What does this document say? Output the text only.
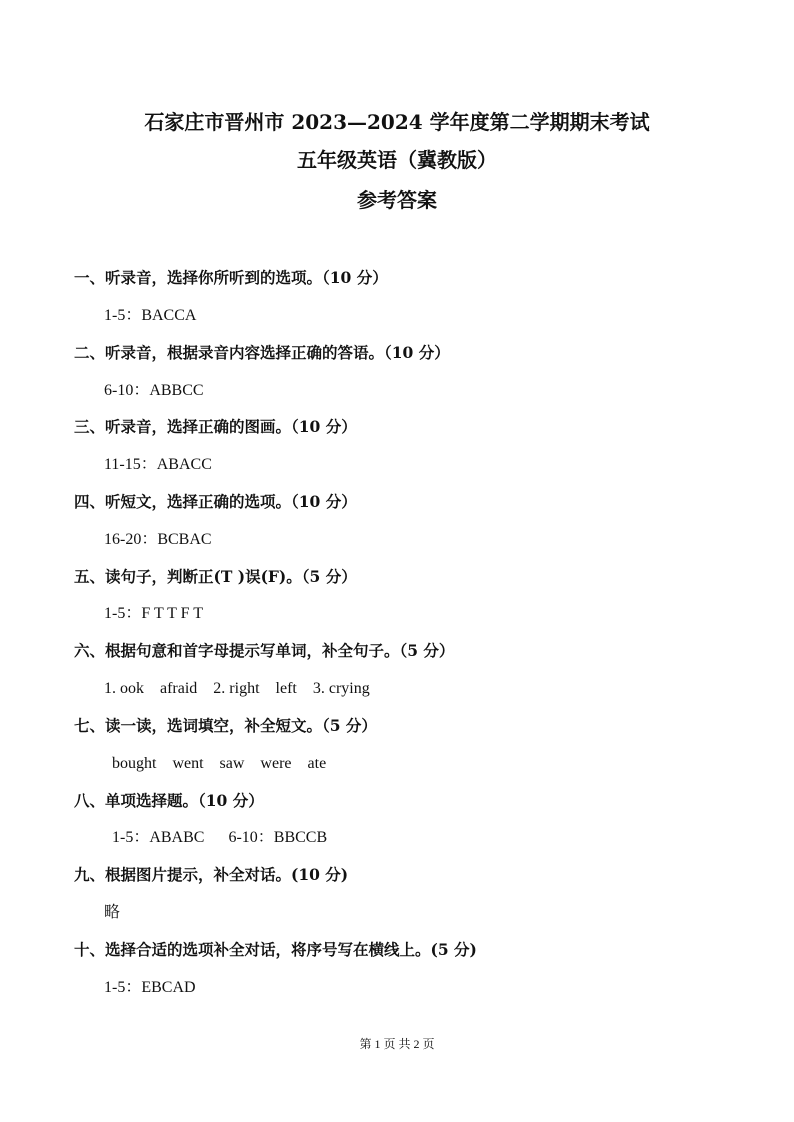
石家庄市晋州市 2023—2024 学年度第二学期期末考试
五年级英语（冀教版）
参考答案
一、听录音，选择你所听到的选项。（10 分）
1-5：BACCA
二、听录音，根据录音内容选择正确的答语。（10 分）
6-10：ABBCC
三、听录音，选择正确的图画。（10 分）
11-15：ABACC
四、听短文，选择正确的选项。（10 分）
16-20：BCBAC
五、读句子，判断正(T )误(F)。（5 分）
1-5：F T T F T
六、根据句意和首字母提示写单词，补全句子。（5 分）
1. ook    afraid    2. right    left    3. crying
七、读一读，选词填空，补全短文。（5 分）
bought    went    saw    were    ate
八、单项选择题。（10 分）
1-5：ABABC      6-10：BBCCB
九、根据图片提示，补全对话。(10 分)
略
十、选择合适的选项补全对话，将序号写在横线上。(5 分)
1-5：EBCAD
第 1 页 共 2 页
